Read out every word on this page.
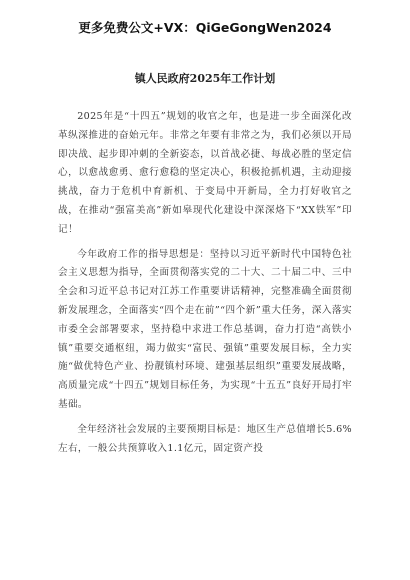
更多免费公文+VX：QiGeGongWen2024
镇人民政府2025年工作计划

2025年是“十四五”规划的收官之年，也是进一步全面深化改革纵深推进的奋始元年。非常之年要有非常之为，我们必须以开局即决战、起步即冲刺的全新姿态，以首战必捷、每战必胜的坚定信心，以愈战愈勇、愈行愈稳的坚定决心，积极抢抓机遇，主动迎接挑战，奋力于危机中育新机、于变局中开新局，全力打好收官之战，在推动“强富美高”新如皋现代化建设中深深烙下“XX铁军”印记！

今年政府工作的指导思想是：坚持以习近平新时代中国特色社会主义思想为指导，全面贯彻落实党的二十大、二十届二中、三中全会和习近平总书记对江苏工作重要讲话精神，完整准确全面贯彻新发展理念，全面落实“四个走在前”“四个新”重大任务，深入落实市委全会部署要求，坚持稳中求进工作总基调，奋力打造“高铁小镇”重要交通枢纽，竭力做实“富民、强镇”重要发展目标，全力实施“做优特色产业、扮靓镇村环境、建强基层组织”重要发展战略，高质量完成“十四五”规划目标任务，为实现“十五五”良好开局打牢基础。

全年经济社会发展的主要预期目标是：地区生产总值增长5.6%左右，一般公共预算收入1.1亿元，固定资产投
